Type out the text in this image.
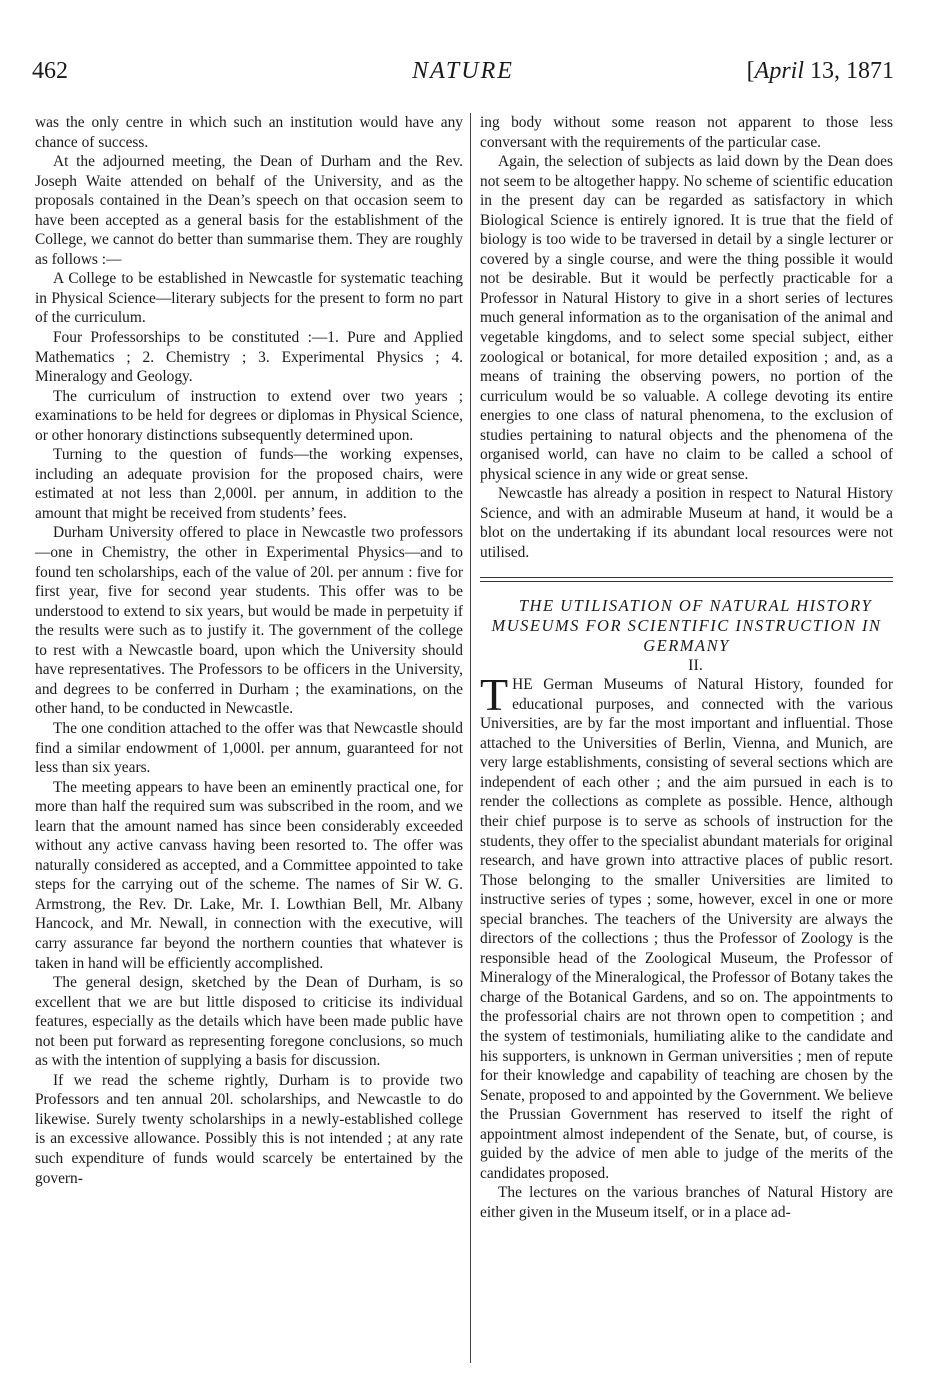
462	NATURE	[April 13, 1871

was the only centre in which such an institution would have any chance of success.

At the adjourned meeting, the Dean of Durham and the Rev. Joseph Waite attended on behalf of the University, and as the proposals contained in the Dean’s speech on that occasion seem to have been accepted as a general basis for the establishment of the College, we cannot do better than summarise them. They are roughly as follows :—

A College to be established in Newcastle for systematic teaching in Physical Science—literary subjects for the present to form no part of the curriculum.

Four Professorships to be constituted :—1. Pure and Applied Mathematics ; 2. Chemistry ; 3. Experimental Physics ; 4. Mineralogy and Geology.

The curriculum of instruction to extend over two years ; examinations to be held for degrees or diplomas in Physical Science, or other honorary distinctions subsequently determined upon.

Turning to the question of funds—the working expenses, including an adequate provision for the proposed chairs, were estimated at not less than 2,000l. per annum, in addition to the amount that might be received from students’ fees.

Durham University offered to place in Newcastle two professors—one in Chemistry, the other in Experimental Physics—and to found ten scholarships, each of the value of 20l. per annum : five for first year, five for second year students. This offer was to be understood to extend to six years, but would be made in perpetuity if the results were such as to justify it. The government of the college to rest with a Newcastle board, upon which the University should have representatives. The Professors to be officers in the University, and degrees to be conferred in Durham ; the examinations, on the other hand, to be conducted in Newcastle.

The one condition attached to the offer was that Newcastle should find a similar endowment of 1,000l. per annum, guaranteed for not less than six years.

The meeting appears to have been an eminently practical one, for more than half the required sum was subscribed in the room, and we learn that the amount named has since been considerably exceeded without any active canvass having been resorted to. The offer was naturally considered as accepted, and a Committee appointed to take steps for the carrying out of the scheme. The names of Sir W. G. Armstrong, the Rev. Dr. Lake, Mr. I. Lowthian Bell, Mr. Albany Hancock, and Mr. Newall, in connection with the executive, will carry assurance far beyond the northern counties that whatever is taken in hand will be efficiently accomplished.

The general design, sketched by the Dean of Durham, is so excellent that we are but little disposed to criticise its individual features, especially as the details which have been made public have not been put forward as representing foregone conclusions, so much as with the intention of supplying a basis for discussion.

If we read the scheme rightly, Durham is to provide two Professors and ten annual 20l. scholarships, and Newcastle to do likewise. Surely twenty scholarships in a newly-established college is an excessive allowance. Possibly this is not intended ; at any rate such expenditure of funds would scarcely be entertained by the govern-

ing body without some reason not apparent to those less conversant with the requirements of the particular case.

Again, the selection of subjects as laid down by the Dean does not seem to be altogether happy. No scheme of scientific education in the present day can be regarded as satisfactory in which Biological Science is entirely ignored. It is true that the field of biology is too wide to be traversed in detail by a single lecturer or covered by a single course, and were the thing possible it would not be desirable. But it would be perfectly practicable for a Professor in Natural History to give in a short series of lectures much general information as to the organisation of the animal and vegetable kingdoms, and to select some special subject, either zoological or botanical, for more detailed exposition ; and, as a means of training the observing powers, no portion of the curriculum would be so valuable. A college devoting its entire energies to one class of natural phenomena, to the exclusion of studies pertaining to natural objects and the phenomena of the organised world, can have no claim to be called a school of physical science in any wide or great sense.

Newcastle has already a position in respect to Natural History Science, and with an admirable Museum at hand, it would be a blot on the undertaking if its abundant local resources were not utilised.

THE UTILISATION OF NATURAL HISTORY MUSEUMS FOR SCIENTIFIC INSTRUCTION IN GERMANY

II.

THE German Museums of Natural History, founded for educational purposes, and connected with the various Universities, are by far the most important and influential. Those attached to the Universities of Berlin, Vienna, and Munich, are very large establishments, consisting of several sections which are independent of each other ; and the aim pursued in each is to render the collections as complete as possible. Hence, although their chief purpose is to serve as schools of instruction for the students, they offer to the specialist abundant materials for original research, and have grown into attractive places of public resort. Those belonging to the smaller Universities are limited to instructive series of types ; some, however, excel in one or more special branches. The teachers of the University are always the directors of the collections ; thus the Professor of Zoology is the responsible head of the Zoological Museum, the Professor of Mineralogy of the Mineralogical, the Professor of Botany takes the charge of the Botanical Gardens, and so on. The appointments to the professorial chairs are not thrown open to competition ; and the system of testimonials, humiliating alike to the candidate and his supporters, is unknown in German universities ; men of repute for their knowledge and capability of teaching are chosen by the Senate, proposed to and appointed by the Government. We believe the Prussian Government has reserved to itself the right of appointment almost independent of the Senate, but, of course, is guided by the advice of men able to judge of the merits of the candidates proposed.

The lectures on the various branches of Natural History are either given in the Museum itself, or in a place ad-
